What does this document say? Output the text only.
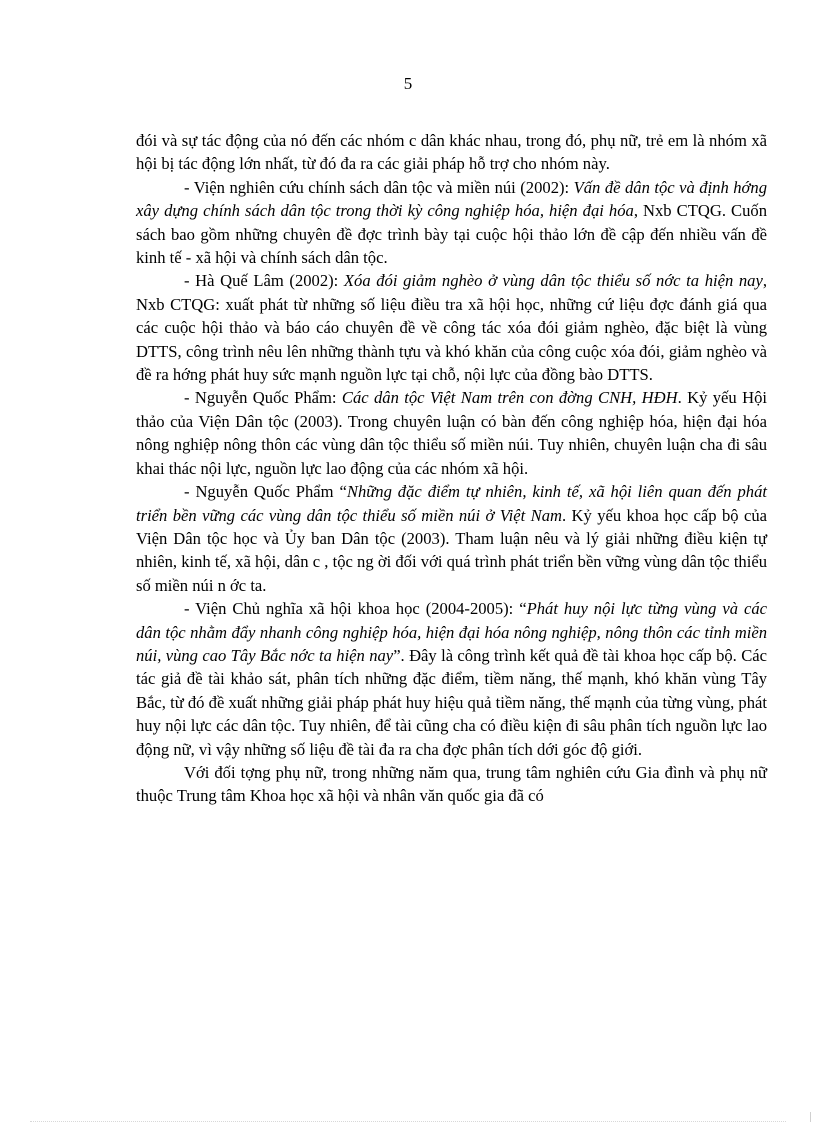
5

đói và sự tác động của nó đến các nhóm c dân khác nhau, trong đó, phụ nữ, trẻ em là nhóm xã hội bị tác động lớn nhất, từ đó đa ra các giải pháp hỗ trợ cho nhóm này.

- Viện nghiên cứu chính sách dân tộc và miền núi (2002): Vấn đề dân tộc và định hớng xây dựng chính sách dân tộc trong thời kỳ công nghiệp hóa, hiện đại hóa, Nxb CTQG. Cuốn sách bao gồm những chuyên đề đợc trình bày tại cuộc hội thảo lớn đề cập đến nhiều vấn đề kinh tế - xã hội và chính sách dân tộc.

- Hà Quế Lâm (2002): Xóa đói giảm nghèo ở vùng dân tộc thiểu số nớc ta hiện nay, Nxb CTQG: xuất phát từ những số liệu điều tra xã hội học, những cứ liệu đợc đánh giá qua các cuộc hội thảo và báo cáo chuyên đề về công tác xóa đói giảm nghèo, đặc biệt là vùng DTTS, công trình nêu lên những thành tựu và khó khăn của công cuộc xóa đói, giảm nghèo và đề ra hớng phát huy sức mạnh nguồn lực tại chỗ, nội lực của đồng bào DTTS.

- Nguyễn Quốc Phẩm: Các dân tộc Việt Nam trên con đờng CNH, HĐH. Kỷ yếu Hội thảo của Viện Dân tộc (2003). Trong chuyên luận có bàn đến công nghiệp hóa, hiện đại hóa nông nghiệp nông thôn các vùng dân tộc thiểu số miền núi. Tuy nhiên, chuyên luận cha đi sâu khai thác nội lực, nguồn lực lao động của các nhóm xã hội.

- Nguyễn Quốc Phẩm “Những đặc điểm tự nhiên, kinh tế, xã hội liên quan đến phát triển bền vững các vùng dân tộc thiểu số miền núi ở Việt Nam. Kỷ yếu khoa học cấp bộ của Viện Dân tộc học và Ủy ban Dân tộc (2003). Tham luận nêu và lý giải những điều kiện tự nhiên, kinh tế, xã hội, dân c , tộc ng ời đối với quá trình phát triển bền vững vùng dân tộc thiểu số miền núi n ớc ta.

- Viện Chủ nghĩa xã hội khoa học (2004-2005): “Phát huy nội lực từng vùng và các dân tộc nhằm đẩy nhanh công nghiệp hóa, hiện đại hóa nông nghiệp, nông thôn các tỉnh miền núi, vùng cao Tây Bắc nớc ta hiện nay”. Đây là công trình kết quả đề tài khoa học cấp bộ. Các tác giả đề tài khảo sát, phân tích những đặc điểm, tiềm năng, thế mạnh, khó khăn vùng Tây Bắc, từ đó đề xuất những giải pháp phát huy hiệu quả tiềm năng, thế mạnh của từng vùng, phát huy nội lực các dân tộc. Tuy nhiên, để tài cũng cha có điều kiện đi sâu phân tích nguồn lực lao động nữ, vì vậy những số liệu đề tài đa ra cha đợc phân tích dới góc độ giới.

Với đối tợng phụ nữ, trong những năm qua, trung tâm nghiên cứu Gia đình và phụ nữ thuộc Trung tâm Khoa học xã hội và nhân văn quốc gia đã có
